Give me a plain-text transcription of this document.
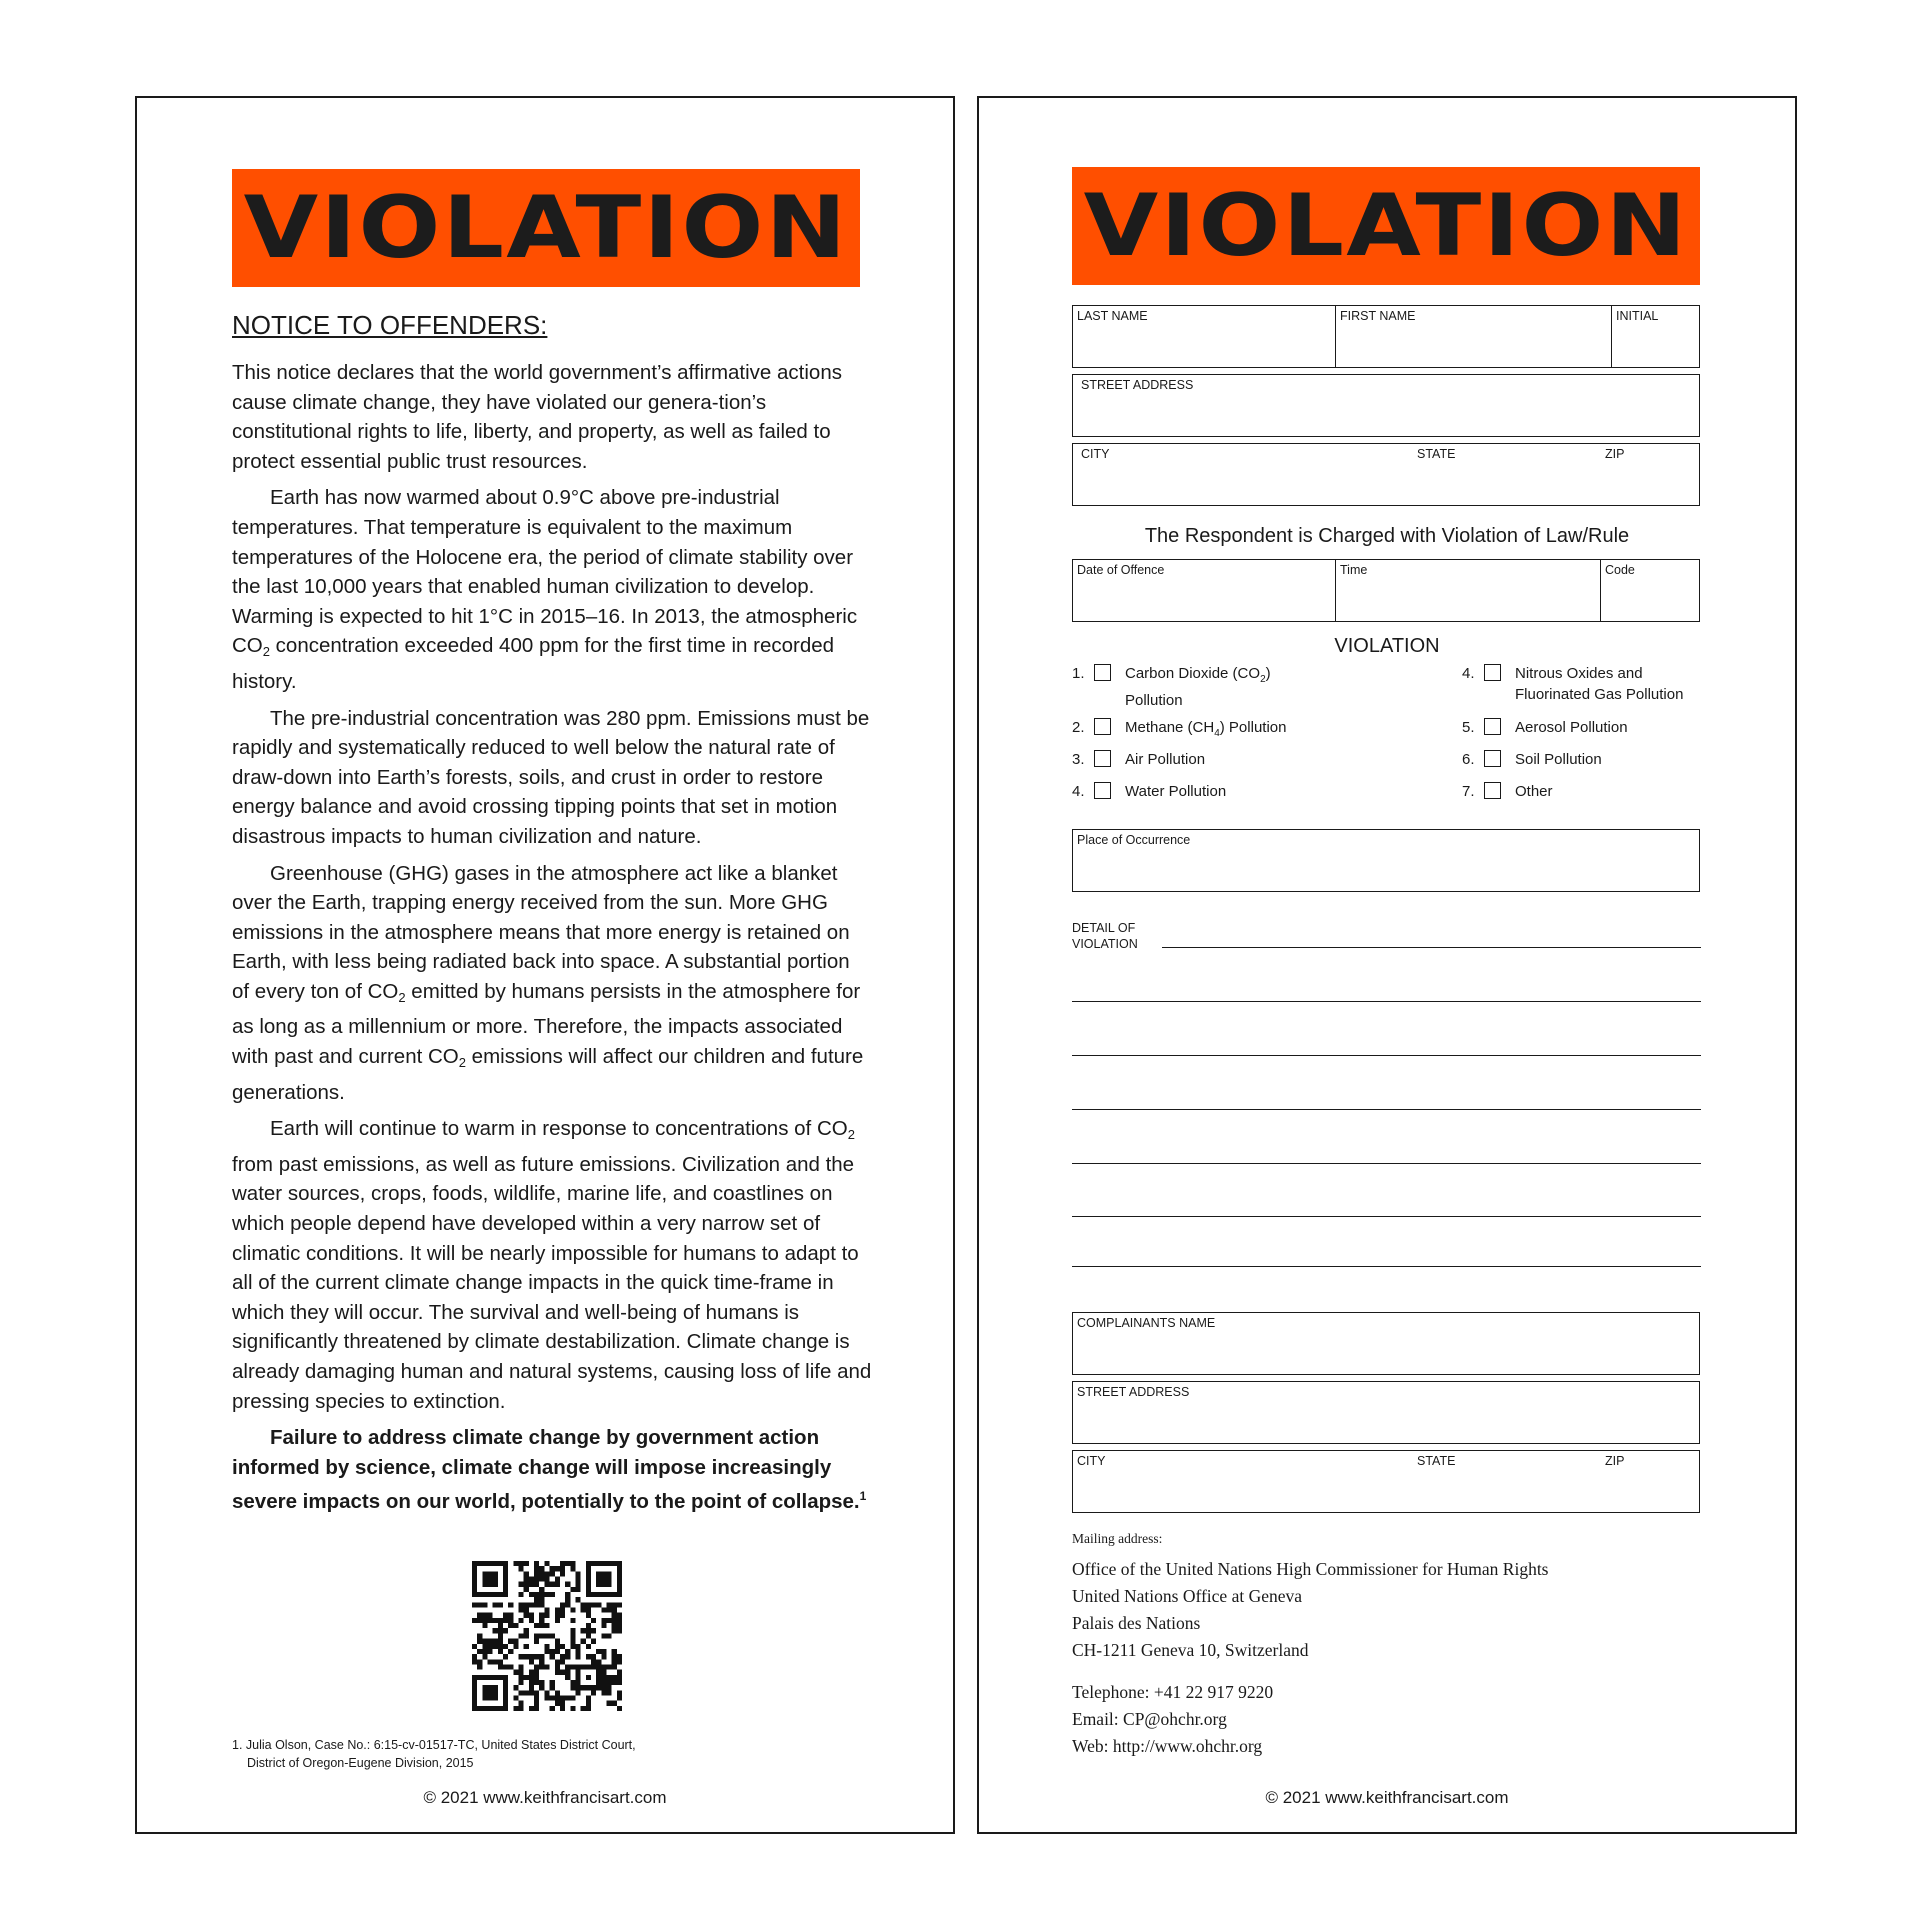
VIOLATION
NOTICE TO OFFENDERS:

This notice declares that the world government’s affirmative actions cause climate change, they have violated our genera-tion’s constitutional rights to life, liberty, and property, as well as failed to protect essential public trust resources.

Earth has now warmed about 0.9°C above pre-industrial temperatures. That temperature is equivalent to the maximum temperatures of the Holocene era, the period of climate stability over the last 10,000 years that enabled human civilization to develop. Warming is expected to hit 1°C in 2015–16. In 2013, the atmospheric $CO_2$ concentration exceeded 400 ppm for the first time in recorded history.

The pre-industrial concentration was 280 ppm. Emissions must be rapidly and systematically reduced to well below the natural rate of draw-down into Earth’s forests, soils, and crust in order to restore energy balance and avoid crossing tipping points that set in motion disastrous impacts to human civilization and nature.

Greenhouse (GHG) gases in the atmosphere act like a blanket over the Earth, trapping energy received from the sun. More GHG emissions in the atmosphere means that more energy is retained on Earth, with less being radiated back into space. A substantial portion of every ton of $CO_2$ emitted by humans persists in the atmosphere for as long as a millennium or more. Therefore, the impacts associated with past and current $CO_2$ emissions will affect our children and future generations.

Earth will continue to warm in response to concentrations of $CO_2$ from past emissions, as well as future emissions. Civilization and the water sources, crops, foods, wildlife, marine life, and coastlines on which people depend have developed within a very narrow set of climatic conditions. It will be nearly impossible for humans to adapt to all of the current climate change impacts in the quick time-frame in which they will occur. The survival and well-being of humans is significantly threatened by climate destabilization. Climate change is already damaging human and natural systems, causing loss of life and pressing species to extinction.

Failure to address climate change by government action informed by science, climate change will impose increasingly severe impacts on our world, potentially to the point of collapse.$^1$

1. Julia Olson, Case No.: 6:15-cv-01517-TC, United States District Court,
District of Oregon-Eugene Division, 2015
© 2021 www.keithfrancisart.com
VIOLATION
LAST NAME	FIRST NAME	INITIAL
STREET ADDRESS
CITY	STATE	ZIP
The Respondent is Charged with Violation of Law/Rule
Date of Offence	Time	Code
VIOLATION
1.	Carbon Dioxide $(CO_2)$
Pollution
2.	Methane $(CH_4)$ Pollution
3.	Air Pollution
4.	Water Pollution
4.	Nitrous Oxides and
Fluorinated Gas Pollution
5.	Aerosol Pollution
6.	Soil Pollution
7.	Other
Place of Occurrence
DETAIL OF
VIOLATION
COMPLAINANTS NAME
STREET ADDRESS
CITY	STATE	ZIP
Mailing address:
Office of the United Nations High Commissioner for Human Rights
United Nations Office at Geneva
Palais des Nations
CH-1211 Geneva 10, Switzerland
Telephone: +41 22 917 9220
Email: CP@ohchr.org
Web: http://www.ohchr.org
© 2021 www.keithfrancisart.com
